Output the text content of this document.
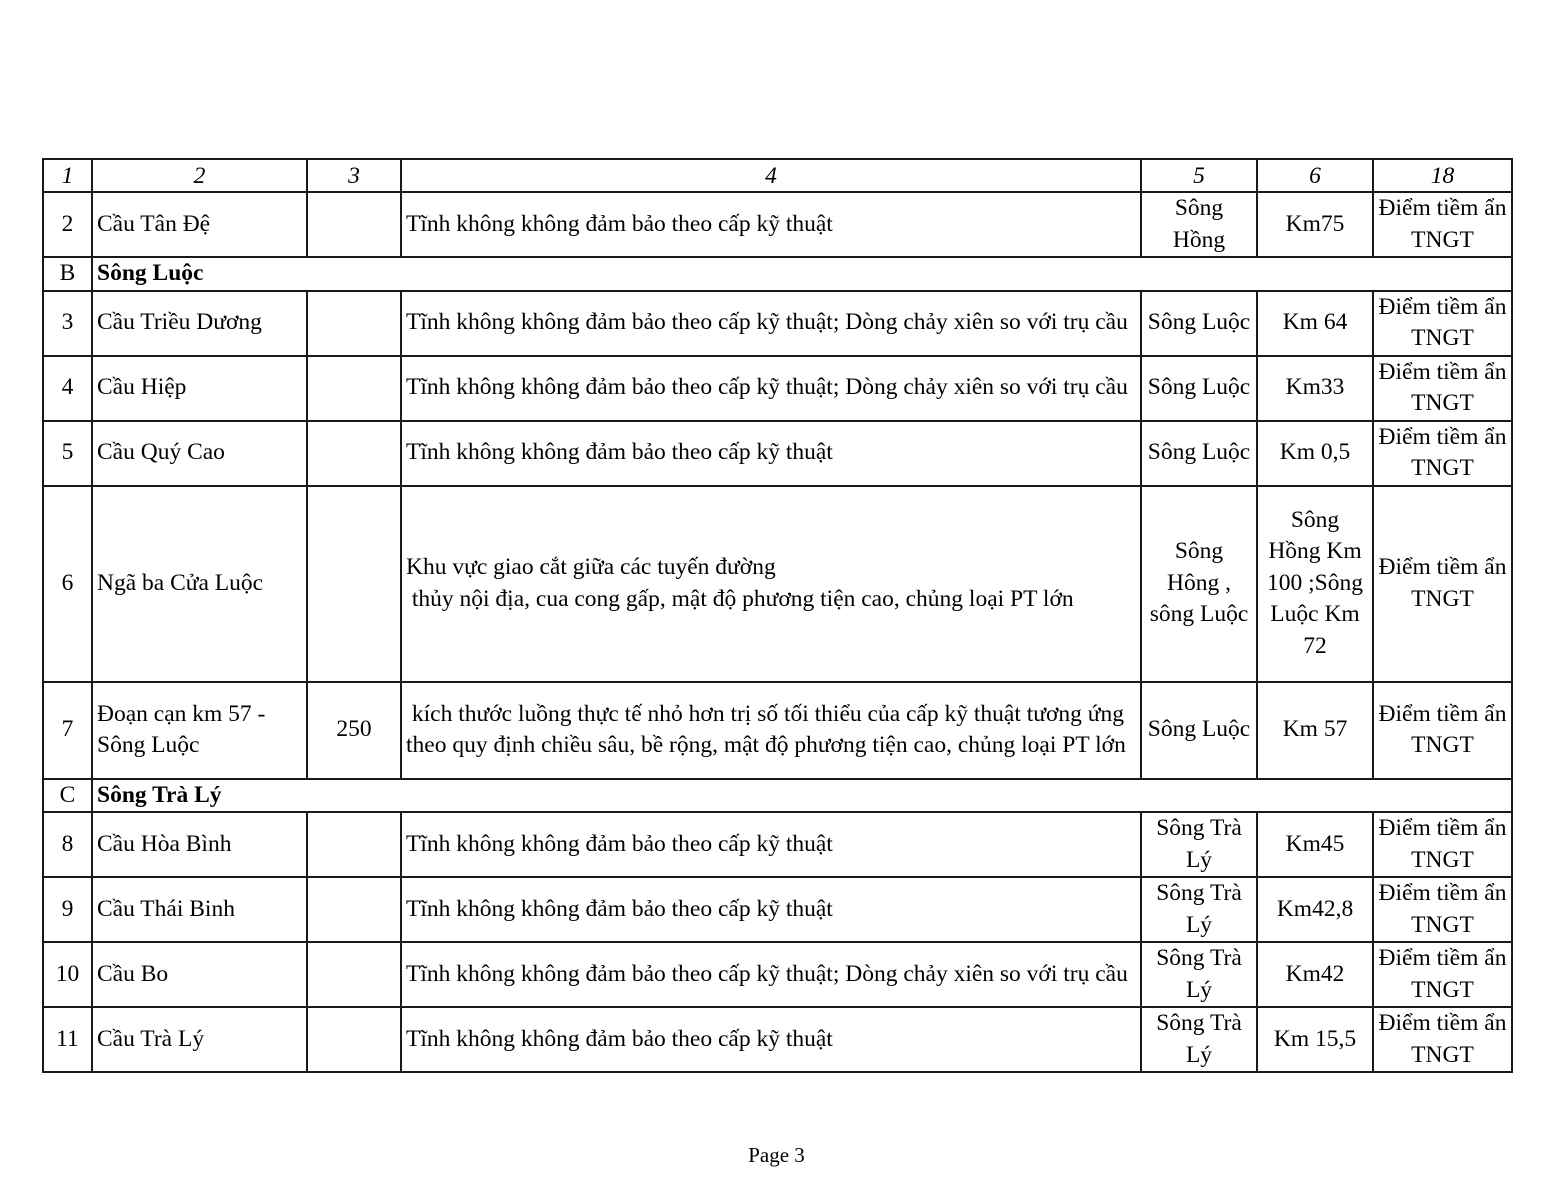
1	2	3	4	5	6	18
2	Cầu Tân Đệ		Tĩnh không không đảm bảo theo cấp kỹ thuật	Sông Hồng	Km75	Điểm tiềm ẩn TNGT
B	Sông Luộc					
3	Cầu Triều Dương		Tĩnh không không đảm bảo theo cấp kỹ thuật; Dòng chảy xiên so với trụ cầu	Sông Luộc	Km 64	Điểm tiềm ẩn TNGT
4	Cầu Hiệp		Tĩnh không không đảm bảo theo cấp kỹ thuật; Dòng chảy xiên so với trụ cầu	Sông Luộc	Km33	Điểm tiềm ẩn TNGT
5	Cầu Quý Cao		Tĩnh không không đảm bảo theo cấp kỹ thuật	Sông Luộc	Km 0,5	Điểm tiềm ẩn TNGT
6	Ngã ba Cửa Luộc		Khu vực giao cắt giữa các tuyến đường
thủy nội địa, cua cong gấp, mật độ phương tiện cao, chủng loại PT lớn	Sông Hông , sông Luộc	Sông Hồng Km 100 ;Sông Luộc Km 72	Điểm tiềm ẩn TNGT
7	Đoạn cạn km 57 - Sông Luộc	250	kích thước luồng thực tế nhỏ hơn trị số tối thiểu của cấp kỹ thuật tương ứng theo quy định chiều sâu, bề rộng, mật độ phương tiện cao, chủng loại PT lớn	Sông Luộc	Km 57	Điểm tiềm ẩn TNGT
C	Sông Trà Lý					
8	Cầu Hòa Bình		Tĩnh không không đảm bảo theo cấp kỹ thuật	Sông Trà Lý	Km45	Điểm tiềm ẩn TNGT
9	Cầu Thái Binh		Tĩnh không không đảm bảo theo cấp kỹ thuật	Sông Trà Lý	Km42,8	Điểm tiềm ẩn TNGT
10	Cầu Bo		Tĩnh không không đảm bảo theo cấp kỹ thuật; Dòng chảy xiên so với trụ cầu	Sông Trà Lý	Km42	Điểm tiềm ẩn TNGT
11	Cầu Trà Lý		Tĩnh không không đảm bảo theo cấp kỹ thuật	Sông Trà Lý	Km 15,5	Điểm tiềm ẩn TNGT
Page 3
